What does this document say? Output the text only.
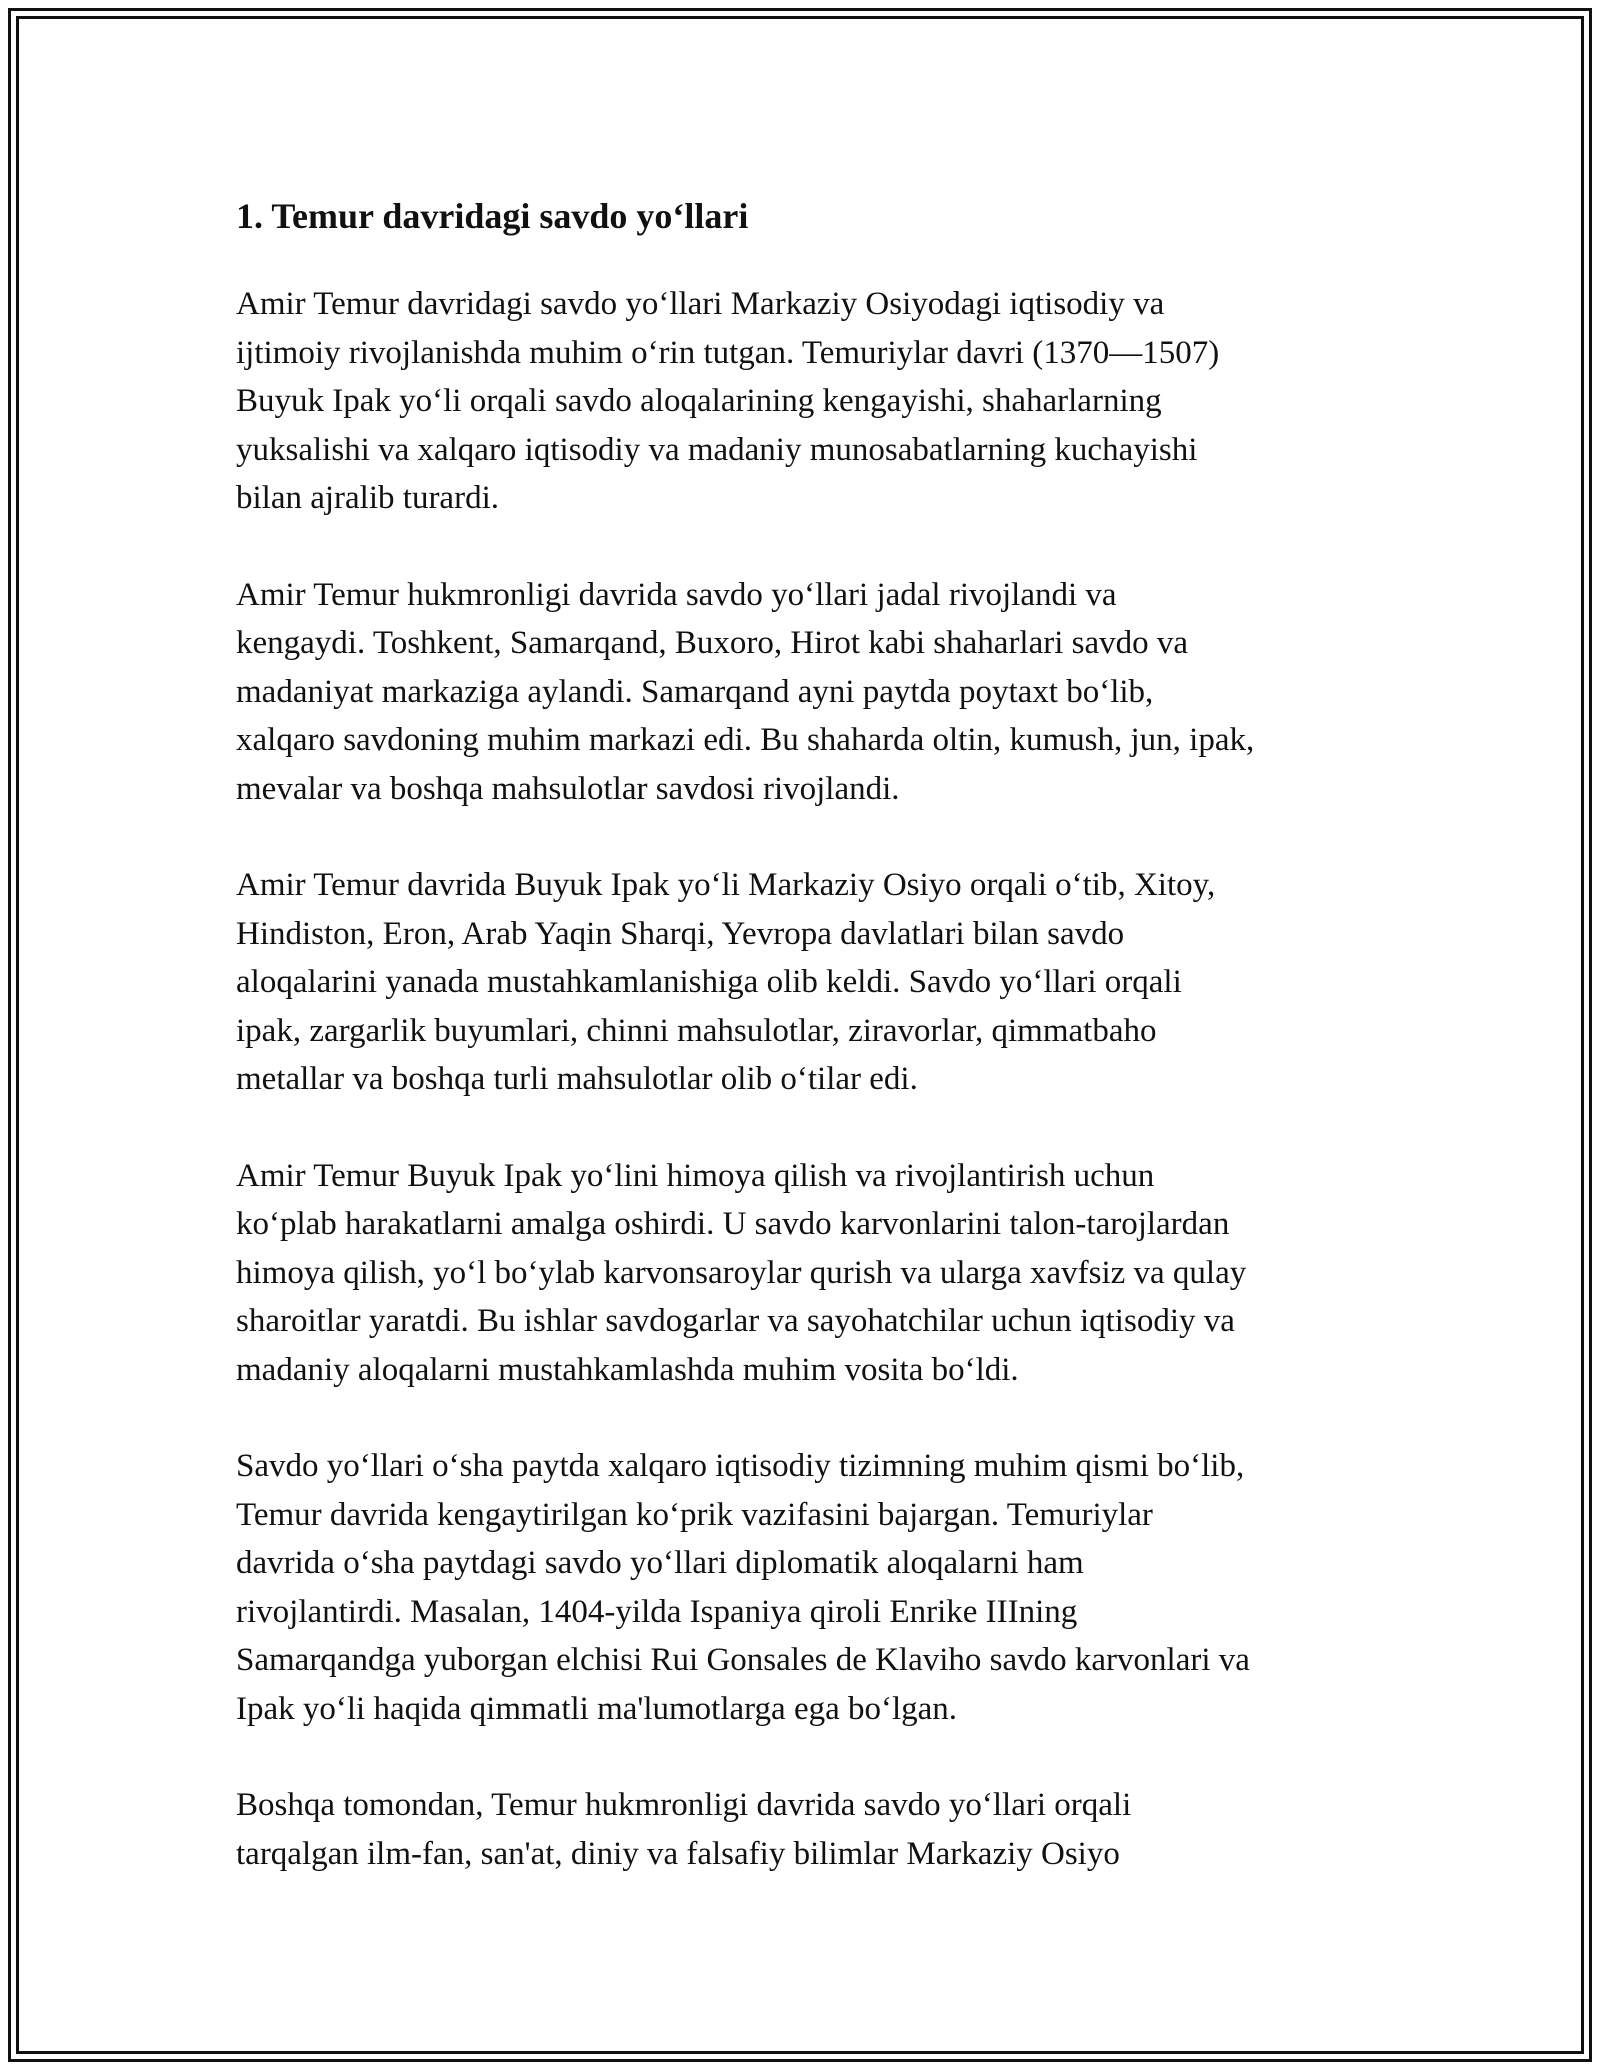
1. Temur davridagi savdo yo‘llari

Amir Temur davridagi savdo yo‘llari Markaziy Osiyodagi iqtisodiy va
ijtimoiy rivojlanishda muhim o‘rin tutgan. Temuriylar davri (1370—1507)
Buyuk Ipak yo‘li orqali savdo aloqalarining kengayishi, shaharlarning
yuksalishi va xalqaro iqtisodiy va madaniy munosabatlarning kuchayishi
bilan ajralib turardi.

Amir Temur hukmronligi davrida savdo yo‘llari jadal rivojlandi va
kengaydi. Toshkent, Samarqand, Buxoro, Hirot kabi shaharlari savdo va
madaniyat markaziga aylandi. Samarqand ayni paytda poytaxt bo‘lib,
xalqaro savdoning muhim markazi edi. Bu shaharda oltin, kumush, jun, ipak,
mevalar va boshqa mahsulotlar savdosi rivojlandi.

Amir Temur davrida Buyuk Ipak yo‘li Markaziy Osiyo orqali o‘tib, Xitoy,
Hindiston, Eron, Arab Yaqin Sharqi, Yevropa davlatlari bilan savdo
aloqalarini yanada mustahkamlanishiga olib keldi. Savdo yo‘llari orqali
ipak, zargarlik buyumlari, chinni mahsulotlar, ziravorlar, qimmatbaho
metallar va boshqa turli mahsulotlar olib o‘tilar edi.

Amir Temur Buyuk Ipak yo‘lini himoya qilish va rivojlantirish uchun
ko‘plab harakatlarni amalga oshirdi. U savdo karvonlarini talon-tarojlardan
himoya qilish, yo‘l bo‘ylab karvonsaroylar qurish va ularga xavfsiz va qulay
sharoitlar yaratdi. Bu ishlar savdogarlar va sayohatchilar uchun iqtisodiy va
madaniy aloqalarni mustahkamlashda muhim vosita bo‘ldi.

Savdo yo‘llari o‘sha paytda xalqaro iqtisodiy tizimning muhim qismi bo‘lib,
Temur davrida kengaytirilgan ko‘prik vazifasini bajargan. Temuriylar
davrida o‘sha paytdagi savdo yo‘llari diplomatik aloqalarni ham
rivojlantirdi. Masalan, 1404-yilda Ispaniya qiroli Enrike IIIning
Samarqandga yuborgan elchisi Rui Gonsales de Klaviho savdo karvonlari va
Ipak yo‘li haqida qimmatli ma'lumotlarga ega bo‘lgan.

Boshqa tomondan, Temur hukmronligi davrida savdo yo‘llari orqali
tarqalgan ilm-fan, san'at, diniy va falsafiy bilimlar Markaziy Osiyo
